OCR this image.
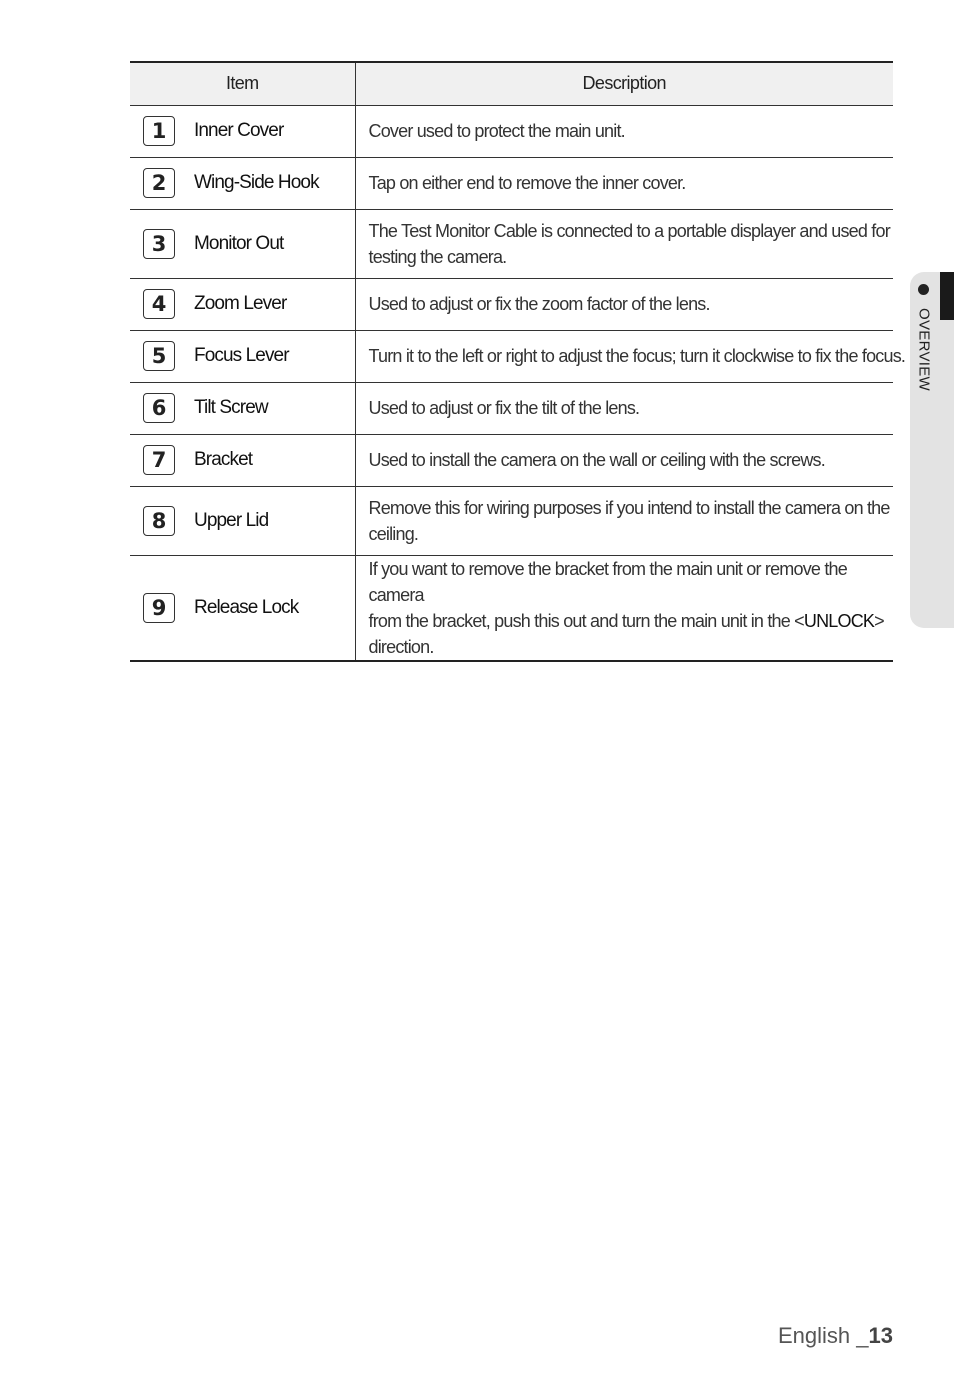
Item	Description

1 Inner Cover	Cover used to protect the main unit.

2 Wing-Side Hook	Tap on either end to remove the inner cover.

3 Monitor Out	The Test Monitor Cable is connected to a portable displayer and used for
testing the camera.

4 Zoom Lever	Used to adjust or fix the zoom factor of the lens.

5 Focus Lever	Turn it to the left or right to adjust the focus; turn it clockwise to fix the focus.

6 Tilt Screw	Used to adjust or fix the tilt of the lens.

7 Bracket	Used to install the camera on the wall or ceiling with the screws.

8 Upper Lid	Remove this for wiring purposes if you intend to install the camera on the
ceiling.

9 Release Lock	If you want to remove the bracket from the main unit or remove the camera
from the bracket, push this out and turn the main unit in the <UNLOCK>
direction.
OVERVIEW
English _13
